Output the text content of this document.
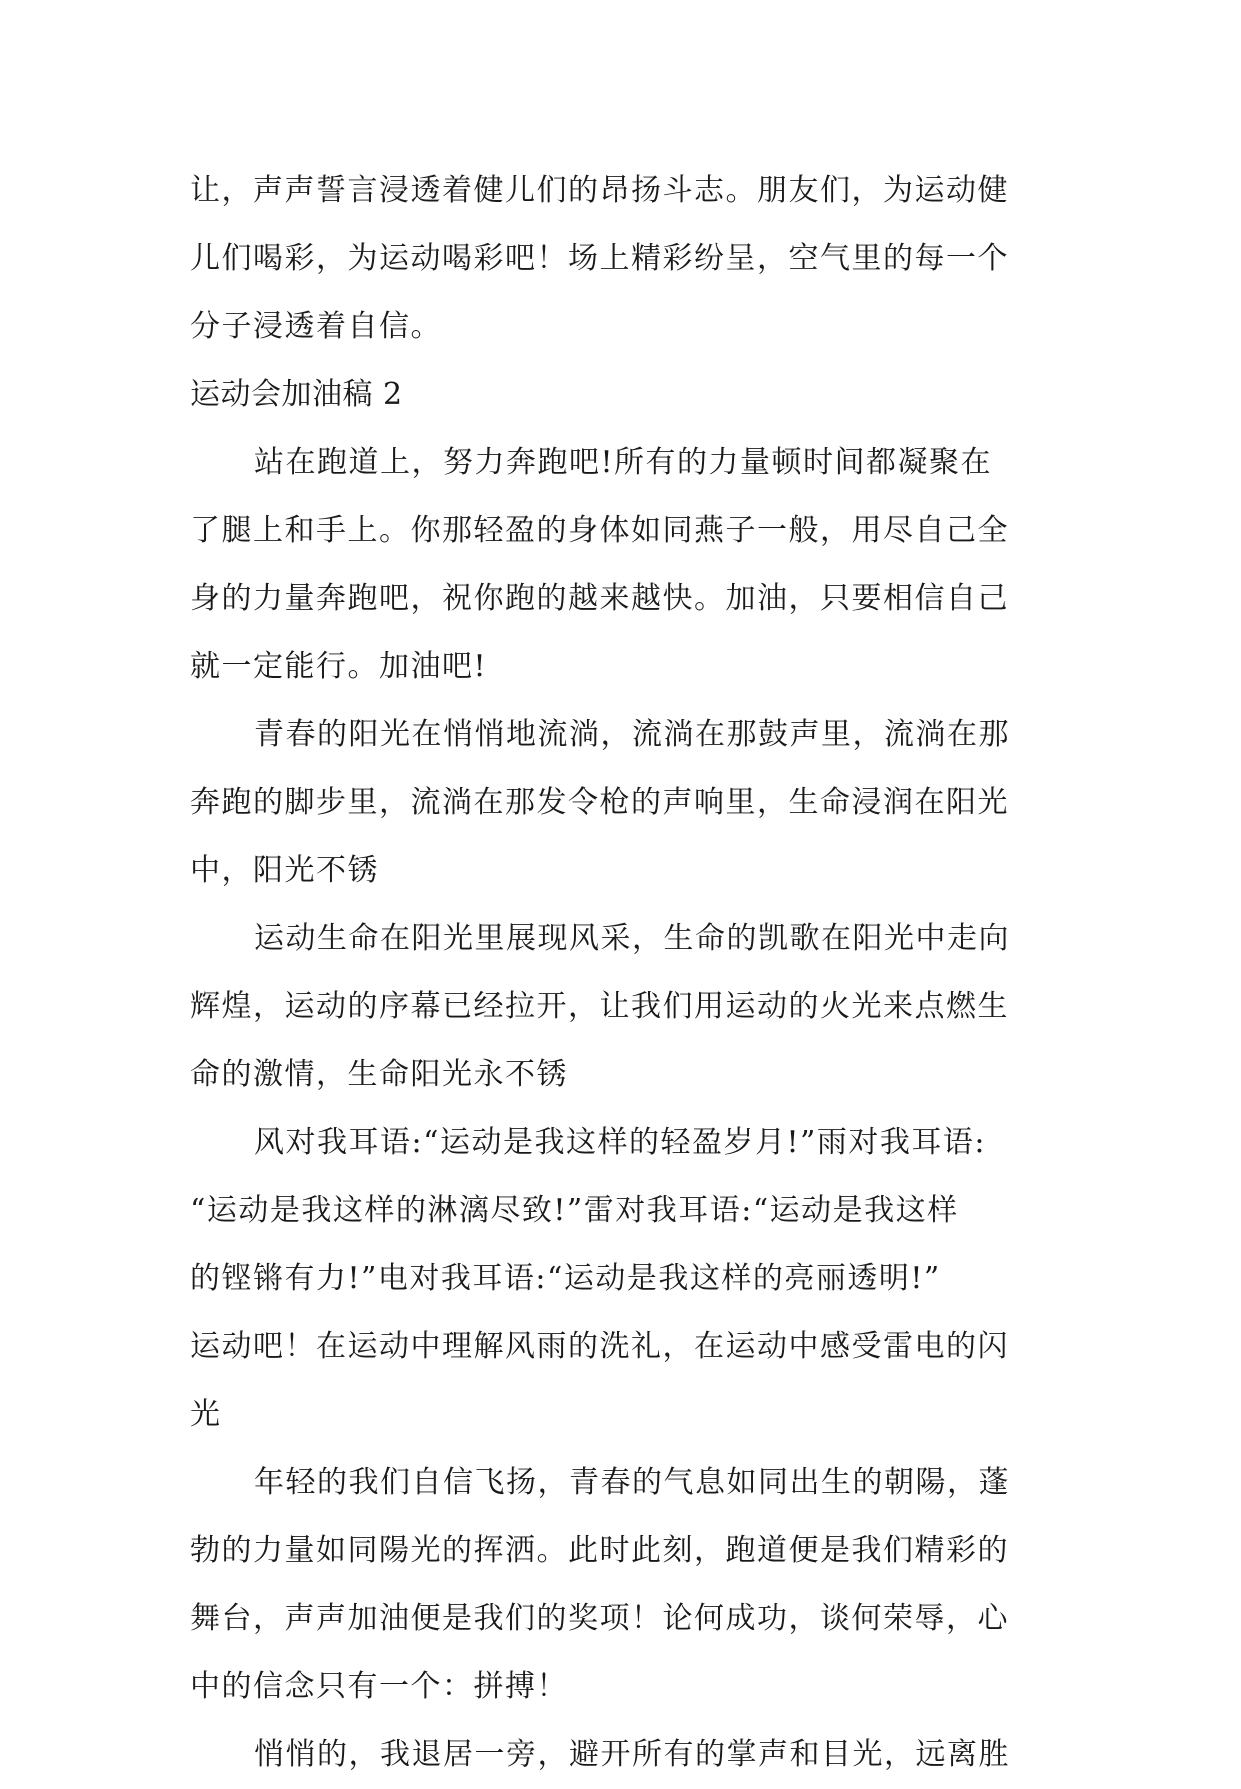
让，声声誓言浸透着健儿们的昂扬斗志。朋友们，为运动健
儿们喝彩，为运动喝彩吧！场上精彩纷呈，空气里的每一个
分子浸透着自信。
运动会加油稿 2
站在跑道上，努力奔跑吧!所有的力量顿时间都凝聚在
了腿上和手上。你那轻盈的身体如同燕子一般，用尽自己全
身的力量奔跑吧，祝你跑的越来越快。加油，只要相信自己
就一定能行。加油吧!
青春的阳光在悄悄地流淌，流淌在那鼓声里，流淌在那
奔跑的脚步里，流淌在那发令枪的声响里，生命浸润在阳光
中，阳光不锈
运动生命在阳光里展现风采，生命的凯歌在阳光中走向
辉煌，运动的序幕已经拉开，让我们用运动的火光来点燃生
命的激情，生命阳光永不锈
风对我耳语:“运动是我这样的轻盈岁月!”雨对我耳语:
“运动是我这样的淋漓尽致!”雷对我耳语:“运动是我这样
的铿锵有力!”电对我耳语:“运动是我这样的亮丽透明!”
运动吧！在运动中理解风雨的洗礼，在运动中感受雷电的闪
光
年轻的我们自信飞扬，青春的气息如同出生的朝陽，蓬
勃的力量如同陽光的挥洒。此时此刻，跑道便是我们精彩的
舞台，声声加油便是我们的奖项！论何成功，谈何荣辱，心
中的信念只有一个：拼搏！
悄悄的，我退居一旁，避开所有的掌声和目光，远离胜
